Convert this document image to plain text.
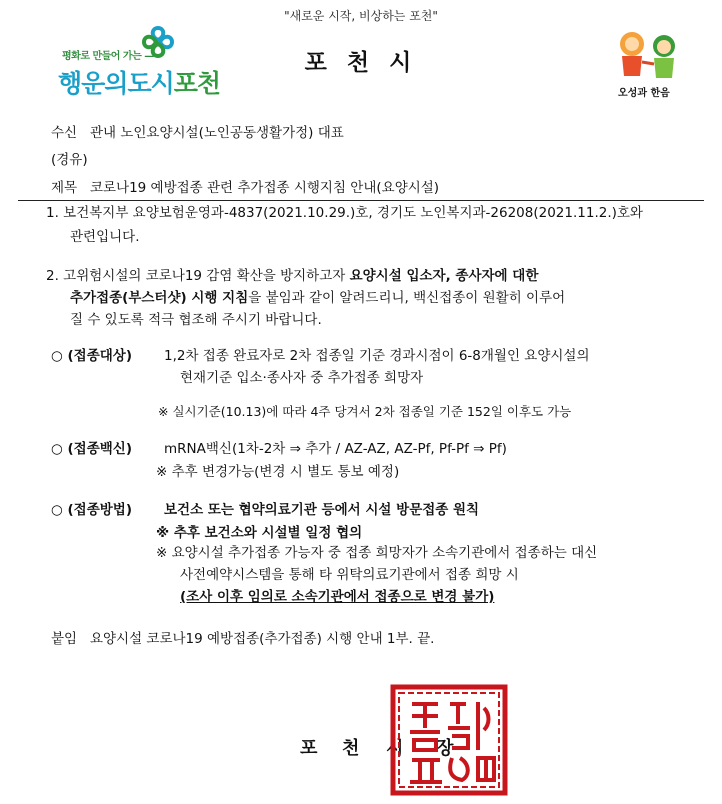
"새로운 시작, 비상하는 포천"
평화로 만들어 가는 —
행운의도시포천
포 천 시
오성과 한음
수신 관내 노인요양시설(노인공동생활가정) 대표
(경유)
제목 코로나19 예방접종 관련 추가접종 시행지침 안내(요양시설)
1. 보건복지부 요양보험운영과-4837(2021.10.29.)호, 경기도 노인복지과-26208(2021.11.2.)호와
관련입니다.
2. 고위험시설의 코로나19 감염 확산을 방지하고자 요양시설 입소자, 종사자에 대한
추가접종(부스터샷) 시행 지침을 붙임과 같이 알려드리니, 백신접종이 원활히 이루어
질 수 있도록 적극 협조해 주시기 바랍니다.
○ (접종대상) 1,2차 접종 완료자로 2차 접종일 기준 경과시점이 6-8개월인 요양시설의
현재기준 입소·종사자 중 추가접종 희망자
※ 실시기준(10.13)에 따라 4주 당겨서 2차 접종일 기준 152일 이후도 가능
○ (접종백신) mRNA백신(1차-2차 ⇒ 추가 / AZ-AZ, AZ-Pf, Pf-Pf ⇒ Pf)
※ 추후 변경가능(변경 시 별도 통보 예정)
○ (접종방법) 보건소 또는 협약의료기관 등에서 시설 방문접종 원칙
※ 추후 보건소와 시설별 일정 협의
※ 요양시설 추가접종 가능자 중 접종 희망자가 소속기관에서 접종하는 대신
사전예약시스템을 통해 타 위탁의료기관에서 접종 희망 시
(조사 이후 임의로 소속기관에서 접종으로 변경 불가)
붙임 요양시설 코로나19 예방접종(추가접종) 시행 안내 1부. 끝.
포 천 시 장
